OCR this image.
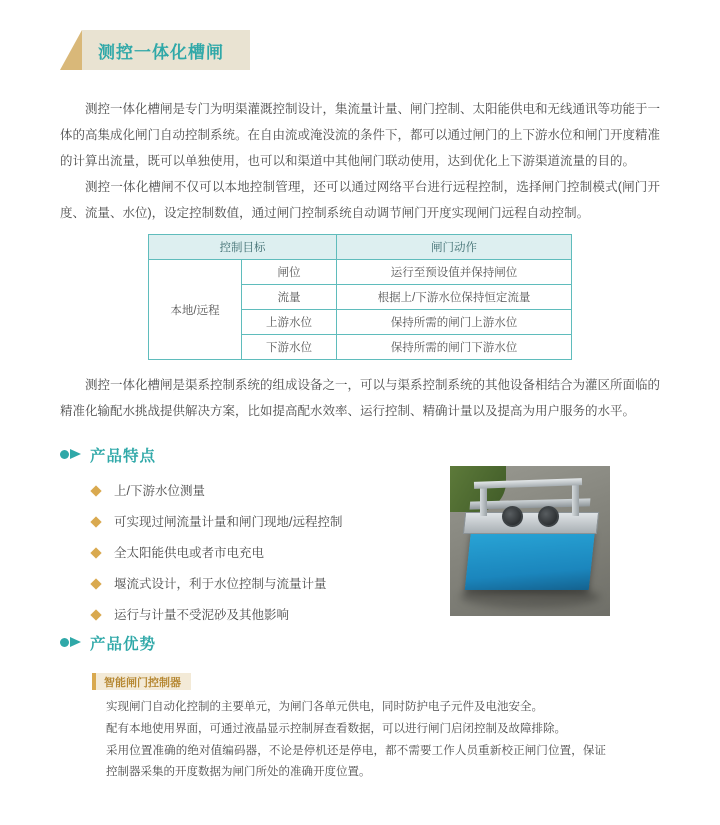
测控一体化槽闸
测控一体化槽闸是专门为明渠灌溉控制设计，集流量计量、闸门控制、太阳能供电和无线通讯等功能于一体的高集成化闸门自动控制系统。在自由流或淹没流的条件下，都可以通过闸门的上下游水位和闸门开度精准的计算出流量，既可以单独使用，也可以和渠道中其他闸门联动使用，达到优化上下游渠道流量的目的。
测控一体化槽闸不仅可以本地控制管理，还可以通过网络平台进行远程控制，选择闸门控制模式(闸门开度、流量、水位)，设定控制数值，通过闸门控制系统自动调节闸门开度实现闸门远程自动控制。
控制目标		闸门动作
本地/远程	闸位	运行至预设值并保持闸位
	流量	根据上/下游水位保持恒定流量
	上游水位	保持所需的闸门上游水位
	下游水位	保持所需的闸门下游水位
测控一体化槽闸是渠系控制系统的组成设备之一，可以与渠系控制系统的其他设备相结合为灌区所面临的精准化输配水挑战提供解决方案，比如提高配水效率、运行控制、精确计量以及提高为用户服务的水平。
产品特点
上/下游水位测量
可实现过闸流量计量和闸门现地/远程控制
全太阳能供电或者市电充电
堰流式设计，利于水位控制与流量计量
运行与计量不受泥砂及其他影响
产品优势
智能闸门控制器

实现闸门自动化控制的主要单元，为闸门各单元供电，同时防护电子元件及电池安全。

配有本地使用界面，可通过液晶显示控制屏查看数据，可以进行闸门启闭控制及故障排除。

采用位置准确的绝对值编码器，不论是停机还是停电，都不需要工作人员重新校正闸门位置，保证控制器采集的开度数据为闸门所处的准确开度位置。
